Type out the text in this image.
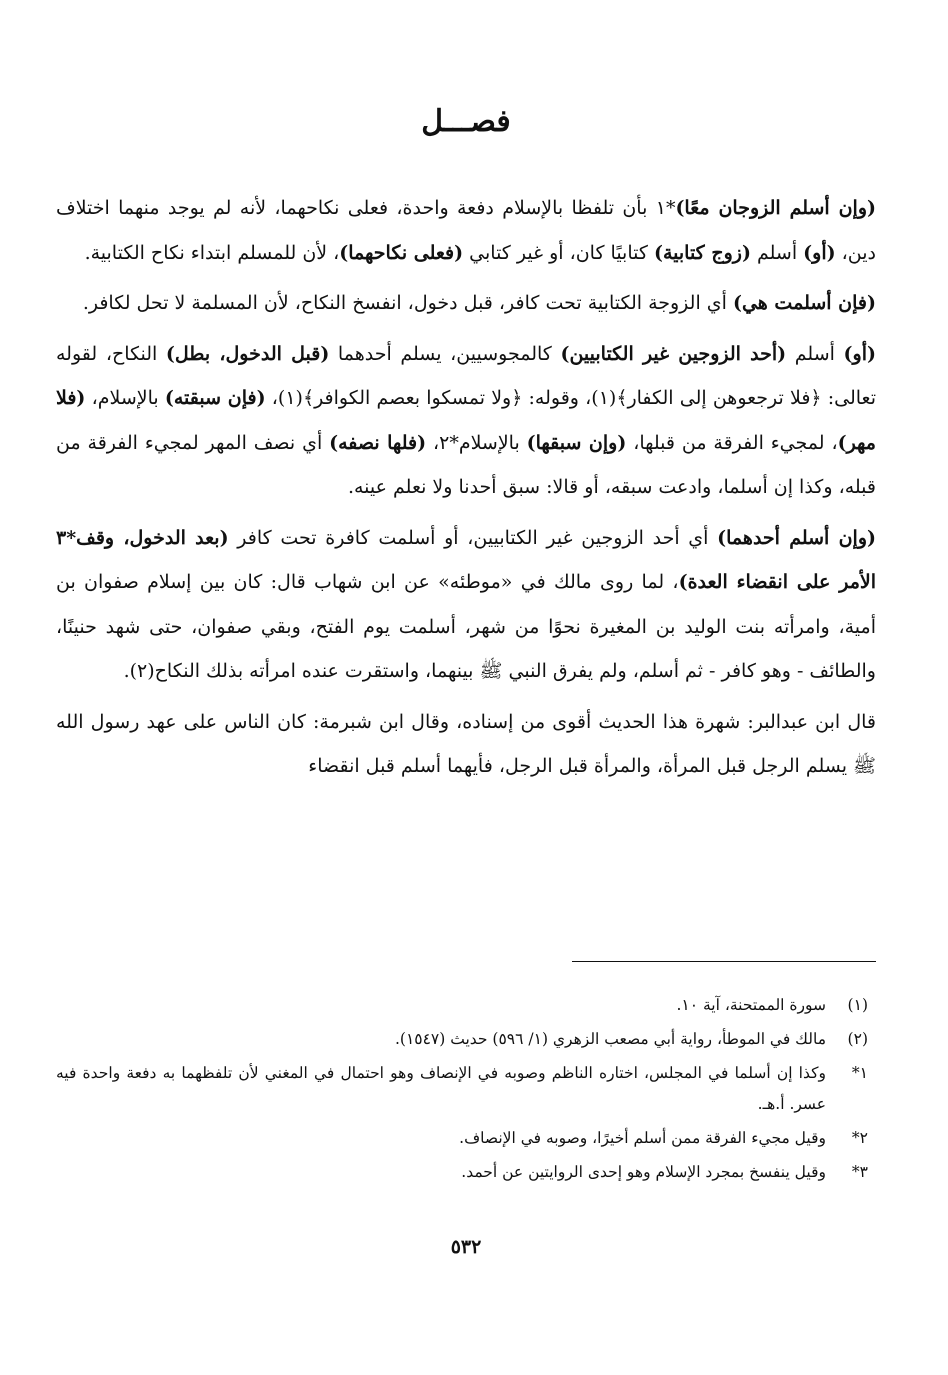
فصـــل

(وإن أسلم الزوجان معًا)*١ بأن تلفظا بالإسلام دفعة واحدة، فعلى نكاحهما، لأنه لم يوجد منهما اختلاف دين، (أو) أسلم (زوج كتابية) كتابيًا كان، أو غير كتابي (فعلى نكاحهما)، لأن للمسلم ابتداء نكاح الكتابية.

(فإن أسلمت هي) أي الزوجة الكتابية تحت كافر، قبل دخول، انفسخ النكاح، لأن المسلمة لا تحل لكافر.

(أو) أسلم (أحد الزوجين غير الكتابيين) كالمجوسيين، يسلم أحدهما (قبل الدخول، بطل) النكاح، لقوله تعالى: ﴿فلا ترجعوهن إلى الكفار﴾(١)، وقوله: ﴿ولا تمسكوا بعصم الكوافر﴾(١)، (فإن سبقته) بالإسلام، (فلا مهر)، لمجيء الفرقة من قبلها، (وإن سبقها) بالإسلام*٢، (فلها نصفه) أي نصف المهر لمجيء الفرقة من قبله، وكذا إن أسلما، وادعت سبقه، أو قالا: سبق أحدنا ولا نعلم عينه.

(وإن أسلم أحدهما) أي أحد الزوجين غير الكتابيين، أو أسلمت كافرة تحت كافر (بعد الدخول، وقف*٣ الأمر على انقضاء العدة)، لما روى مالك في «موطئه» عن ابن شهاب قال: كان بين إسلام صفوان بن أمية، وامرأته بنت الوليد بن المغيرة نحوًا من شهر، أسلمت يوم الفتح، وبقي صفوان، حتى شهد حنينًا، والطائف - وهو كافر - ثم أسلم، ولم يفرق النبي ﷺ بينهما، واستقرت عنده امرأته بذلك النكاح(٢).

قال ابن عبدالبر: شهرة هذا الحديث أقوى من إسناده، وقال ابن شبرمة: كان الناس على عهد رسول الله ﷺ يسلم الرجل قبل المرأة، والمرأة قبل الرجل، فأيهما أسلم قبل انقضاء

(١)
سورة الممتحنة، آية ١٠.
(٢)
مالك في الموطأ، رواية أبي مصعب الزهري (١/ ٥٩٦) حديث (١٥٤٧).
١*
وكذا إن أسلما في المجلس، اختاره الناظم وصوبه في الإنصاف وهو احتمال في المغني لأن تلفظهما به دفعة واحدة فيه عسر. أ.هـ.
٢*
وقيل مجيء الفرقة ممن أسلم أخيرًا، وصوبه في الإنصاف.
٣*
وقيل ينفسخ بمجرد الإسلام وهو إحدى الروايتين عن أحمد.
٥٣٢
